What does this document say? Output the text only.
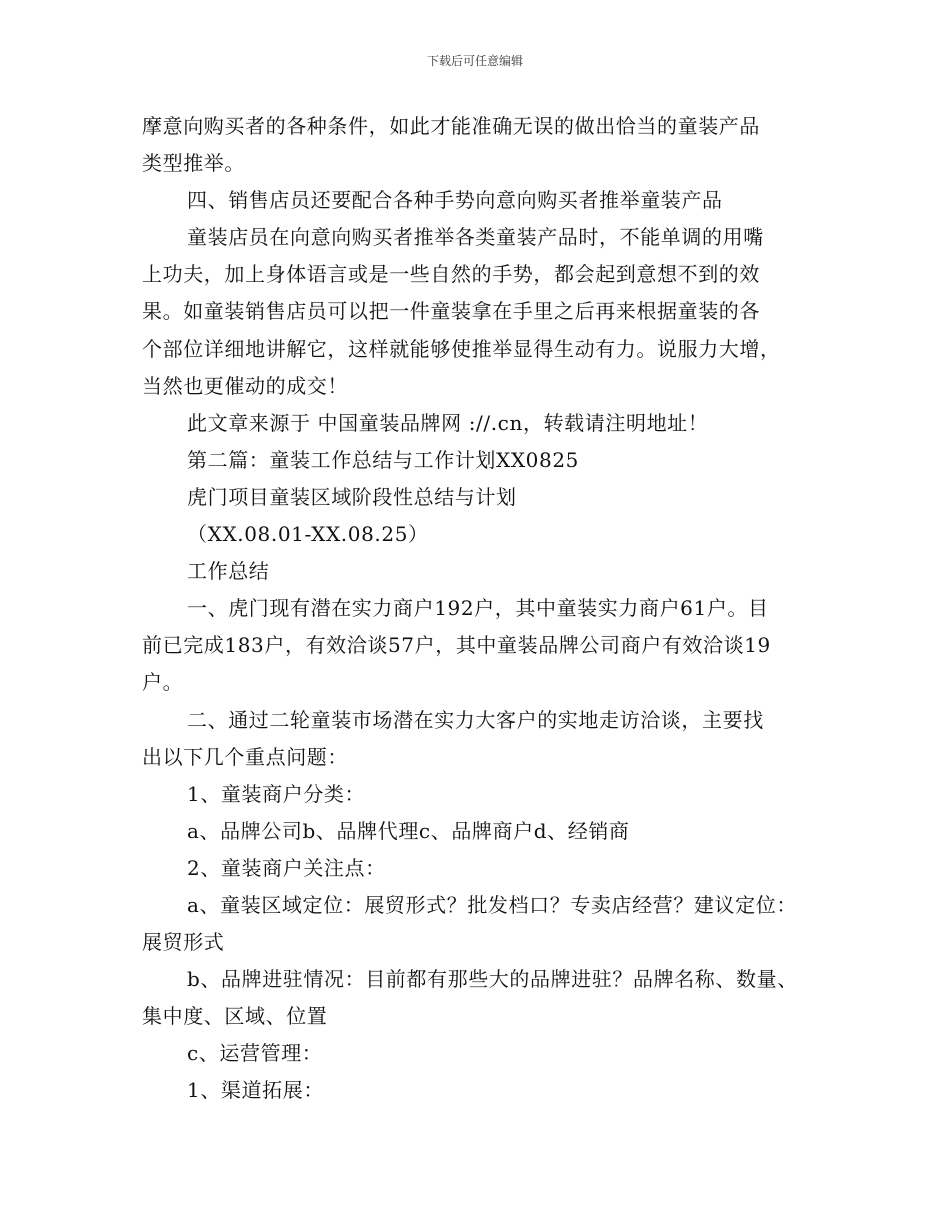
下载后可任意编辑
摩意向购买者的各种条件，如此才能准确无误的做出恰当的童装产品
类型推举。
四、销售店员还要配合各种手势向意向购买者推举童装产品
童装店员在向意向购买者推举各类童装产品时，不能单调的用嘴
上功夫，加上身体语言或是一些自然的手势，都会起到意想不到的效
果。如童装销售店员可以把一件童装拿在手里之后再来根据童装的各
个部位详细地讲解它，这样就能够使推举显得生动有力。说服力大增，
当然也更催动的成交！
此文章来源于 中国童装品牌网 ://.cn，转载请注明地址！
第二篇：童装工作总结与工作计划XX0825
虎门项目童装区域阶段性总结与计划
（XX.08.01-XX.08.25）
工作总结
一、虎门现有潜在实力商户192户，其中童装实力商户61户。目
前已完成183户，有效洽谈57户，其中童装品牌公司商户有效洽谈19
户。
二、通过二轮童装市场潜在实力大客户的实地走访洽谈，主要找
出以下几个重点问题：
1、童装商户分类：
a、品牌公司b、品牌代理c、品牌商户d、经销商
2、童装商户关注点：
a、童装区域定位：展贸形式？批发档口？专卖店经营？建议定位：
展贸形式
b、品牌进驻情况：目前都有那些大的品牌进驻？品牌名称、数量、
集中度、区域、位置
c、运营管理：
1、渠道拓展：
